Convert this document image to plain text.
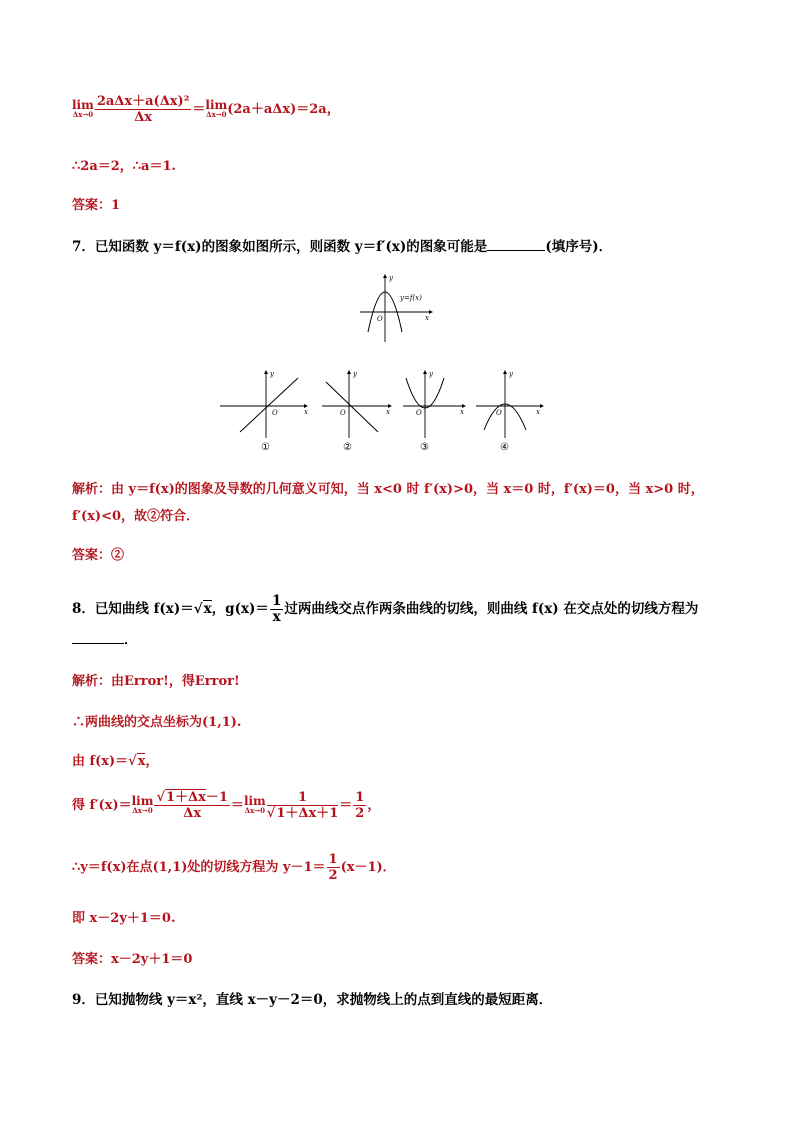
lim
$\Delta x\to 0 \frac{\text{2aΔx＋a(Δx)²}}{\Delta x} = \lim$
Δx→0 (2a＋aΔx)＝2a，
∴2a＝2，∴a＝1.
答案：1
7．已知函数 y＝f(x)的图象如图所示，则函数 y＝f′(x)的图象可能是	(填序号)．
y
x
O
y=f(x)
y
x
O
①
y
x
O
②
y
x
O
③
y
x
O
④
解析：由 y＝f(x)的图象及导数的几何意义可知，当 x<0 时 f′(x)>0，当 x＝0 时，f′(x)＝0，当 x>0 时，
f′(x)<0，故②符合．
答案：②
8．已知曲线 f(x)＝√x，$g(x)= \frac{1}{x}$ 过两曲线交点作两条曲线的切线，则曲线 f(x) 在交点处的切线方程为
．
解析：由Error!，得Error!
∴两曲线的交点坐标为(1,1).
由 f(x)＝√x，
得 f′(x)＝ lim
$\Delta x\to 0 \frac{√1+\Delta x-1}{\Delta x} = \lim$
$\Delta x\to 0 \frac{1}{√1+\Delta x+1} = \frac{1}{2}$ ，
∴y＝f(x)在点(1,1)处的切线方程为 $y-1= \frac{1}{2} (x-1)$．
即 x－2y＋1＝0.
答案：x－2y＋1＝0
9．已知抛物线 y＝x²，直线 x－y－2＝0，求抛物线上的点到直线的最短距离．
